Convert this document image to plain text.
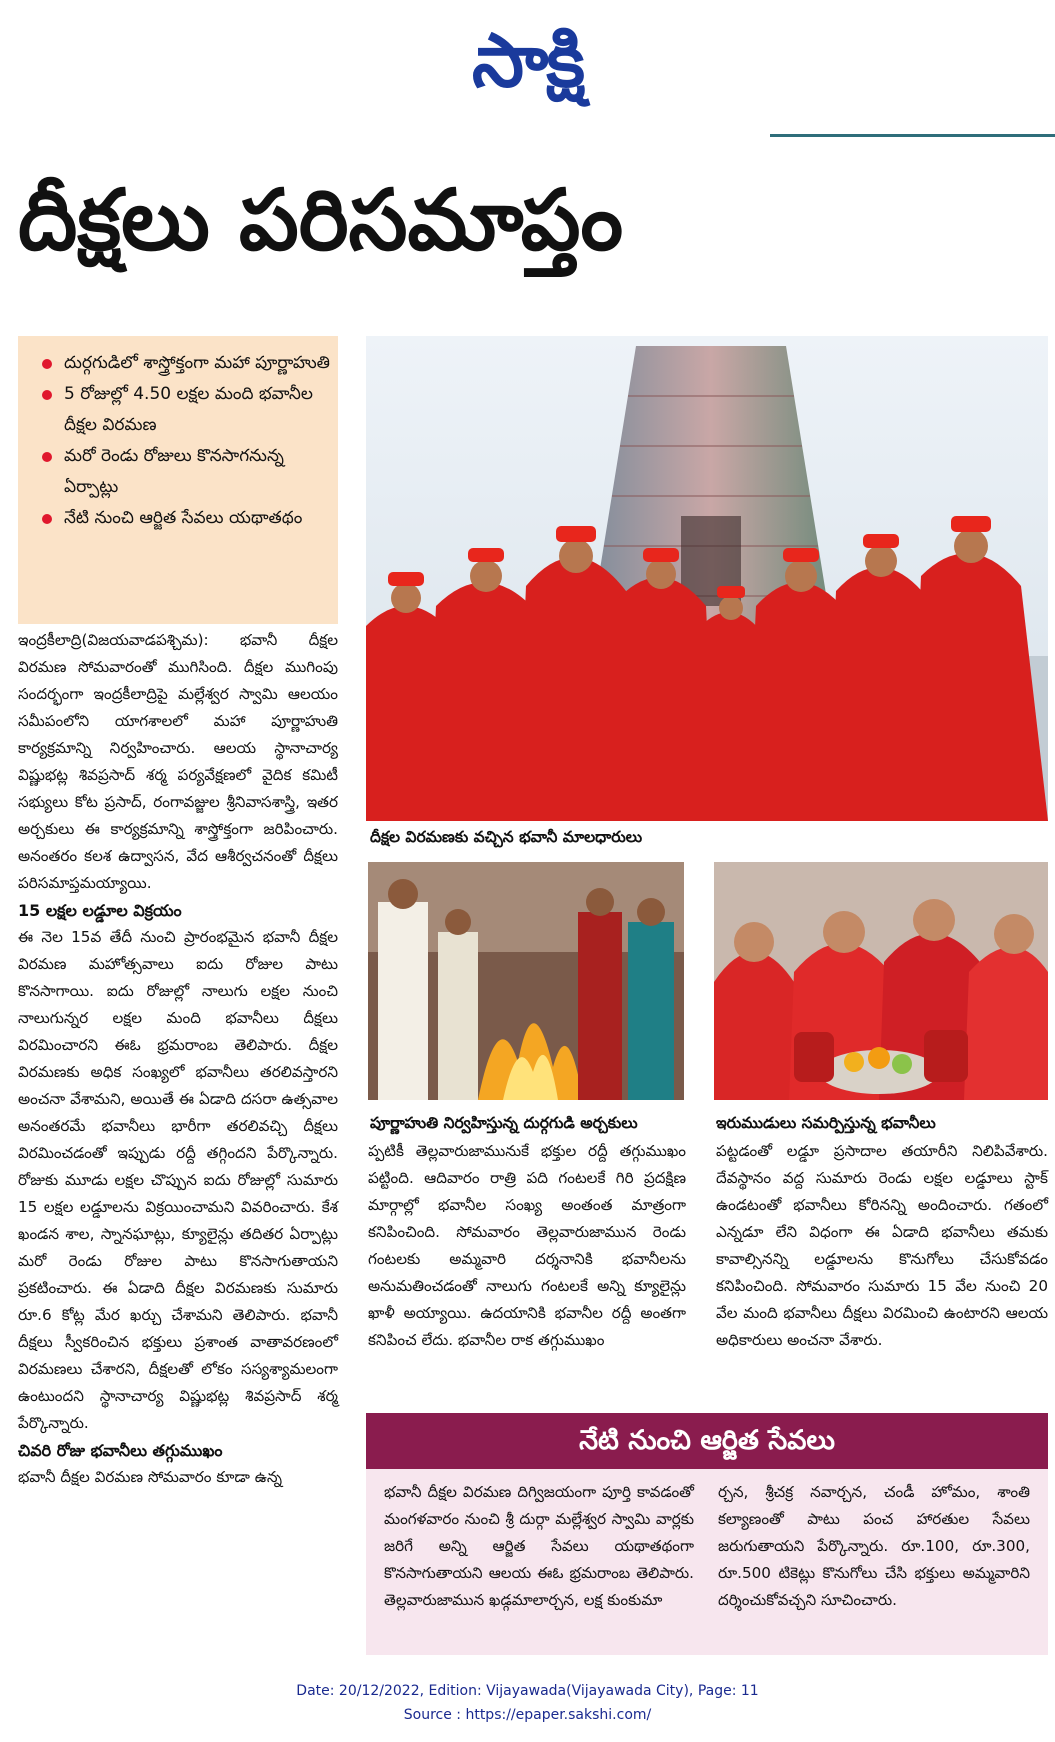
సాక్షి
దీక్షలు పరిసమాప్తం
దుర్గగుడిలో శాస్త్రోక్తంగా మహా పూర్ణాహుతి
5 రోజుల్లో 4.50 లక్షల మంది భవానీల దీక్షల విరమణ
మరో రెండు రోజులు కొనసాగనున్న ఏర్పాట్లు
నేటి నుంచి ఆర్జిత సేవలు యథాతథం
దీక్షల విరమణకు వచ్చిన భవానీ మాలధారులు
పూర్ణాహుతి నిర్వహిస్తున్న దుర్గగుడి అర్చకులు	ఇరుముడులు సమర్పిస్తున్న భవానీలు

ఇంద్రకీలాద్రి(విజయవాడపశ్చిమ): భవానీ దీక్షల విరమణ సోమవారంతో ముగిసింది. దీక్షల ముగింపు సందర్భంగా ఇంద్రకీలాద్రిపై మల్లేశ్వర స్వామి ఆలయం సమీపంలోని యాగశాలలో మహా పూర్ణాహుతి కార్యక్రమాన్ని నిర్వహించారు. ఆలయ స్థానాచార్య విష్ణుభట్ల శివప్రసాద్ శర్మ పర్యవేక్షణలో వైదిక కమిటీ సభ్యులు కోట ప్రసాద్, రంగావజ్జుల శ్రీనివాసశాస్త్రి, ఇతర అర్చకులు ఈ కార్యక్రమాన్ని శాస్త్రోక్తంగా జరిపించారు. అనంతరం కలశ ఉద్వాసన, వేద ఆశీర్వచనంతో దీక్షలు పరిసమాప్తమయ్యాయి.

15 లక్షల లడ్డూల విక్రయం

ఈ నెల 15వ తేదీ నుంచి ప్రారంభమైన భవానీ దీక్షల విరమణ మహోత్సవాలు ఐదు రోజుల పాటు కొనసాగాయి. ఐదు రోజుల్లో నాలుగు లక్షల నుంచి నాలుగున్నర లక్షల మంది భవానీలు దీక్షలు విరమించారని ఈఓ భ్రమరాంబ తెలిపారు. దీక్షల విరమణకు అధిక సంఖ్యలో భవానీలు తరలివస్తారని అంచనా వేశామని, అయితే ఈ ఏడాది దసరా ఉత్సవాల అనంతరమే భవానీలు భారీగా తరలివచ్చి దీక్షలు విరమించడంతో ఇప్పుడు రద్దీ తగ్గిందని పేర్కొన్నారు. రోజుకు మూడు లక్షల చొప్పున ఐదు రోజుల్లో సుమారు 15 లక్షల లడ్డూలను విక్రయించామని వివరించారు. కేశ ఖండన శాల, స్నానఘాట్లు, క్యూలైన్లు తదితర ఏర్పాట్లు మరో రెండు రోజుల పాటు కొనసాగుతాయని ప్రకటించారు. ఈ ఏడాది దీక్షల విరమణకు సుమారు రూ.6 కోట్ల మేర ఖర్చు చేశామని తెలిపారు. భవానీ దీక్షలు స్వీకరించిన భక్తులు ప్రశాంత వాతావరణంలో విరమణలు చేశారని, దీక్షలతో లోకం సస్యశ్యామలంగా ఉంటుందని స్థానాచార్య విష్ణుభట్ల శివప్రసాద్ శర్మ పేర్కొన్నారు.

చివరి రోజు భవానీలు తగ్గుముఖం

భవానీ దీక్షల విరమణ సోమవారం కూడా ఉన్న

ప్పటికీ తెల్లవారుజామునుకే భక్తుల రద్దీ తగ్గుముఖం పట్టింది. ఆదివారం రాత్రి పది గంటలకే గిరి ప్రదక్షిణ మార్గాల్లో భవానీల సంఖ్య అంతంత మాత్రంగా కనిపించింది. సోమవారం తెల్లవారుజామున రెండు గంటలకు అమ్మవారి దర్శనానికి భవానీలను అనుమతించడంతో నాలుగు గంటలకే అన్ని క్యూలైన్లు ఖాళీ అయ్యాయి. ఉదయానికి భవానీల రద్దీ అంతగా కనిపించ లేదు. భవానీల రాక తగ్గుముఖం

పట్టడంతో లడ్డూ ప్రసాదాల తయారీని నిలిపివేశారు. దేవస్థానం వద్ద సుమారు రెండు లక్షల లడ్డూలు స్టాక్ ఉండటంతో భవానీలు కోరినన్ని అందించారు. గతంలో ఎన్నడూ లేని విధంగా ఈ ఏడాది భవానీలు తమకు కావాల్సినన్ని లడ్డూలను కొనుగోలు చేసుకోవడం కనిపించింది. సోమవారం సుమారు 15 వేల నుంచి 20 వేల మంది భవానీలు దీక్షలు విరమించి ఉంటారని ఆలయ అధికారులు అంచనా వేశారు.

నేటి నుంచి ఆర్జిత సేవలు

భవానీ దీక్షల విరమణ దిగ్విజయంగా పూర్తి కావడంతో మంగళవారం నుంచి శ్రీ దుర్గా మల్లేశ్వర స్వామి వార్లకు జరిగే అన్ని ఆర్జిత సేవలు యథాతథంగా కొనసాగుతాయని ఆలయ ఈఓ భ్రమరాంబ తెలిపారు. తెల్లవారుజామున ఖడ్గమాలార్చన, లక్ష కుంకుమా

ర్చన, శ్రీచక్ర నవార్చన, చండీ హోమం, శాంతి కల్యాణంతో పాటు పంచ హారతుల సేవలు జరుగుతాయని పేర్కొన్నారు. రూ.100, రూ.300, రూ.500 టికెట్లు కొనుగోలు చేసి భక్తులు అమ్మవారిని దర్శించుకోవచ్చని సూచించారు.

Date: 20/12/2022, Edition: Vijayawada(Vijayawada City), Page: 11
Source : https://epaper.sakshi.com/
